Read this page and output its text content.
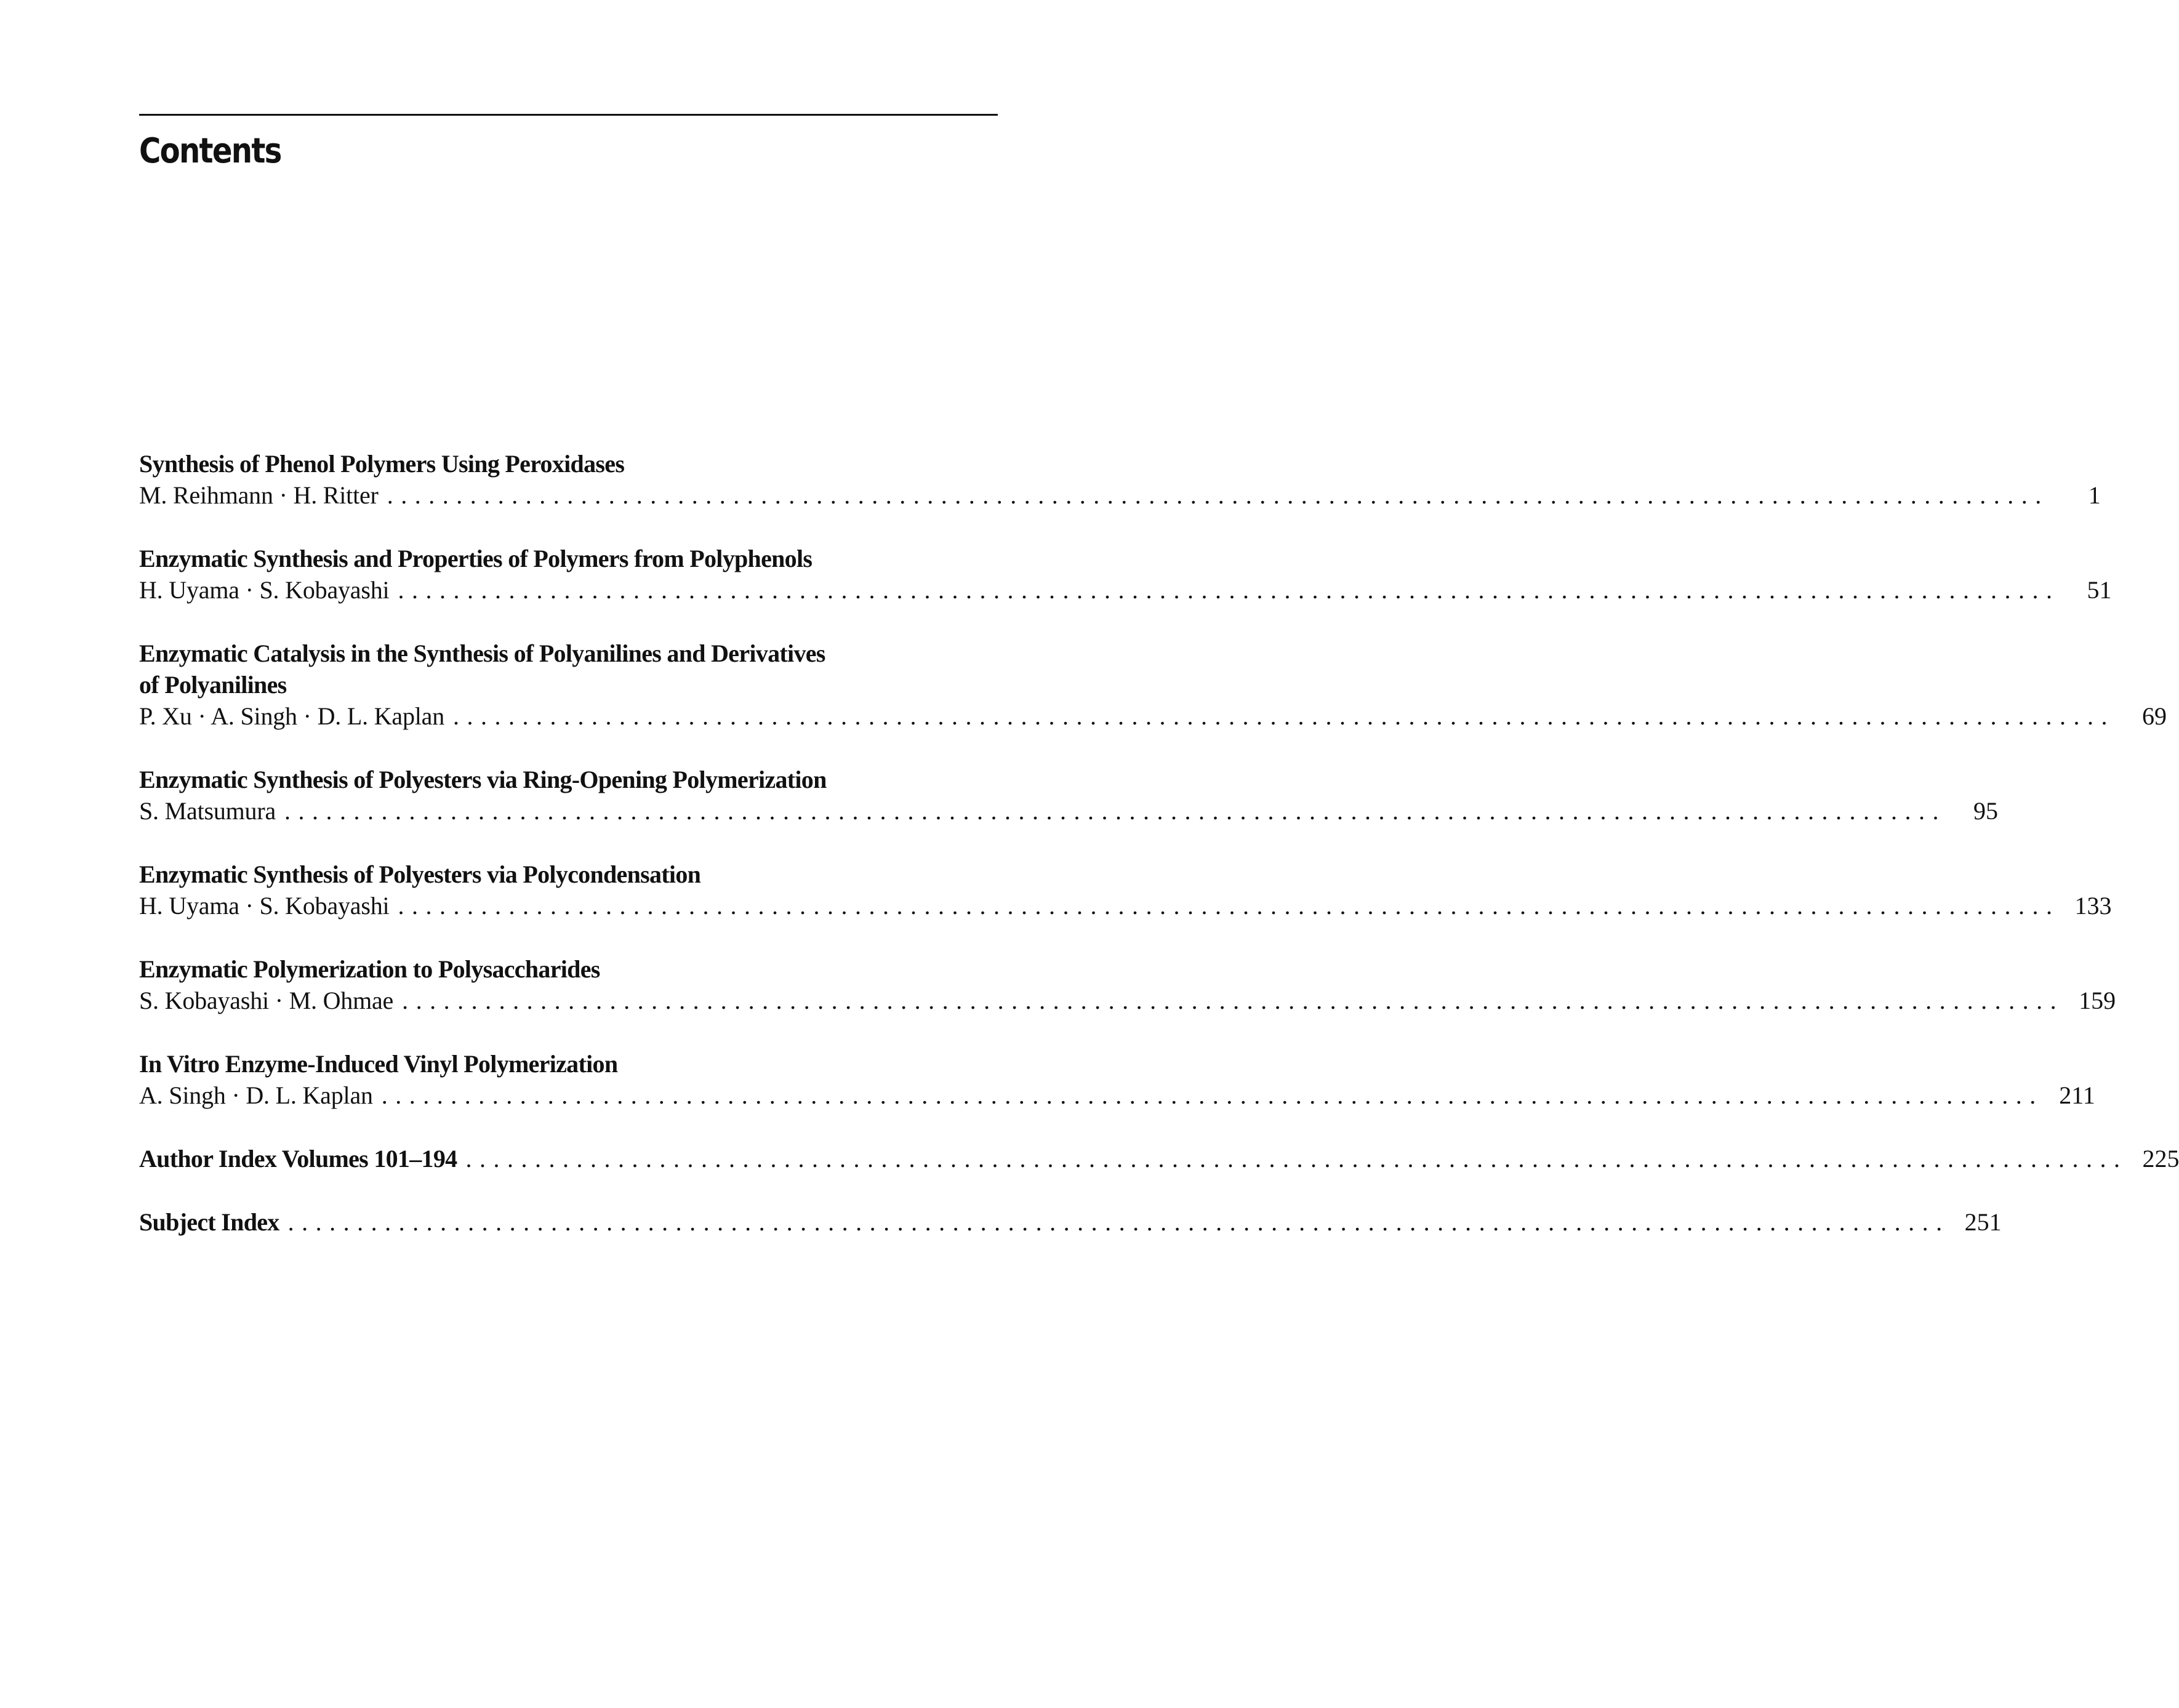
Contents
Synthesis of Phenol Polymers Using Peroxidases
M. Reihmann · H. Ritter ........................................................................................................................	1
Enzymatic Synthesis and Properties of Polymers from Polyphenols
H. Uyama · S. Kobayashi ........................................................................................................................	51
Enzymatic Catalysis in the Synthesis of Polyanilines and Derivatives
of Polyanilines
P. Xu · A. Singh · D. L. Kaplan ........................................................................................................................	69
Enzymatic Synthesis of Polyesters via Ring-Opening Polymerization
S. Matsumura ........................................................................................................................	95
Enzymatic Synthesis of Polyesters via Polycondensation
H. Uyama · S. Kobayashi ........................................................................................................................ 133
Enzymatic Polymerization to Polysaccharides
S. Kobayashi · M. Ohmae ........................................................................................................................ 159
In Vitro Enzyme-Induced Vinyl Polymerization
A. Singh · D. L. Kaplan ........................................................................................................................ 211
Author Index Volumes 101–194 ........................................................................................................................ 225
Subject Index ........................................................................................................................ 251
